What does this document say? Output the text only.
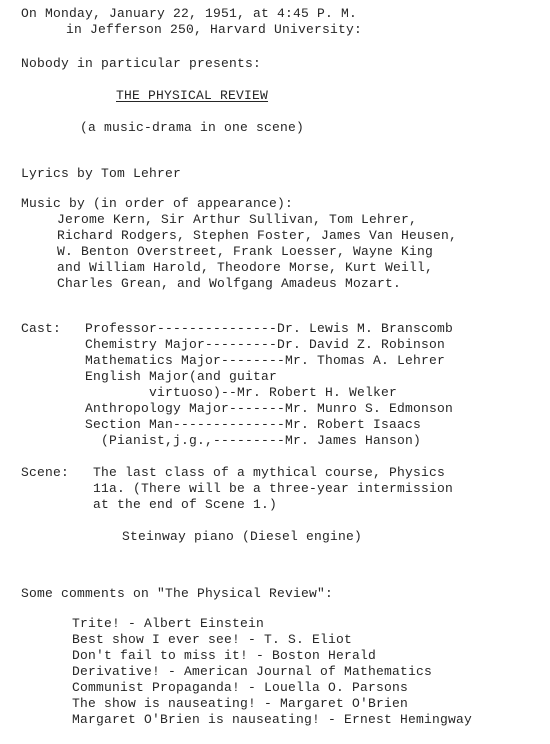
On Monday, January 22, 1951, at 4:45 P. M.
in Jefferson 250, Harvard University:
Nobody in particular presents:
THE PHYSICAL REVIEW
(a music-drama in one scene)
Lyrics by Tom Lehrer
Music by (in order of appearance):
Jerome Kern, Sir Arthur Sullivan, Tom Lehrer,
Richard Rodgers, Stephen Foster, James Van Heusen,
W. Benton Overstreet, Frank Loesser, Wayne King
and William Harold, Theodore Morse, Kurt Weill,
Charles Grean, and Wolfgang Amadeus Mozart.
Cast: Professor---------------Dr. Lewis M. Branscomb
Chemistry Major---------Dr. David Z. Robinson
Mathematics Major--------Mr. Thomas A. Lehrer
English Major(and guitar
virtuoso)--Mr. Robert H. Welker
Anthropology Major-------Mr. Munro S. Edmonson
Section Man--------------Mr. Robert Isaacs
(Pianist,j.g.,---------Mr. James Hanson)
Scene: The last class of a mythical course, Physics
11a. (There will be a three-year intermission
at the end of Scene 1.)
Steinway piano (Diesel engine)
Some comments on "The Physical Review":
Trite! - Albert Einstein
Best show I ever see! - T. S. Eliot
Don't fail to miss it! - Boston Herald
Derivative! - American Journal of Mathematics
Communist Propaganda! - Louella O. Parsons
The show is nauseating! - Margaret O'Brien
Margaret O'Brien is nauseating! - Ernest Hemingway
